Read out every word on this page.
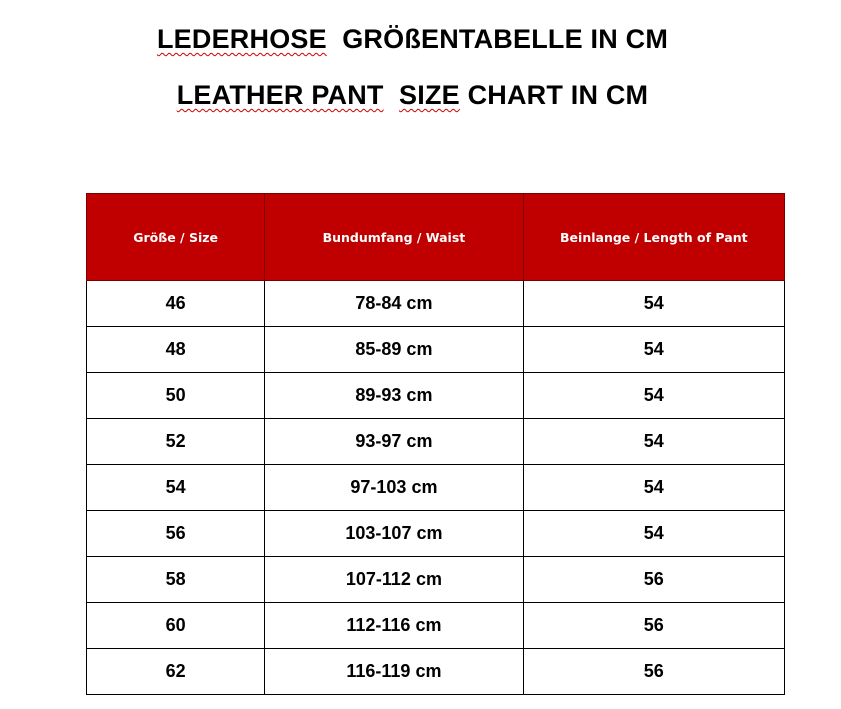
LEDERHOSE GRÖßENTABELLE IN CM
LEATHER PANT SIZE CHART IN CM
Größe / Size	Bundumfang / Waist	Beinlange / Length of Pant
46	78-84 cm	54
48	85-89 cm	54
50	89-93 cm	54
52	93-97 cm	54
54	97-103 cm	54
56	103-107 cm	54
58	107-112 cm	56
60	112-116 cm	56
62	116-119 cm	56
